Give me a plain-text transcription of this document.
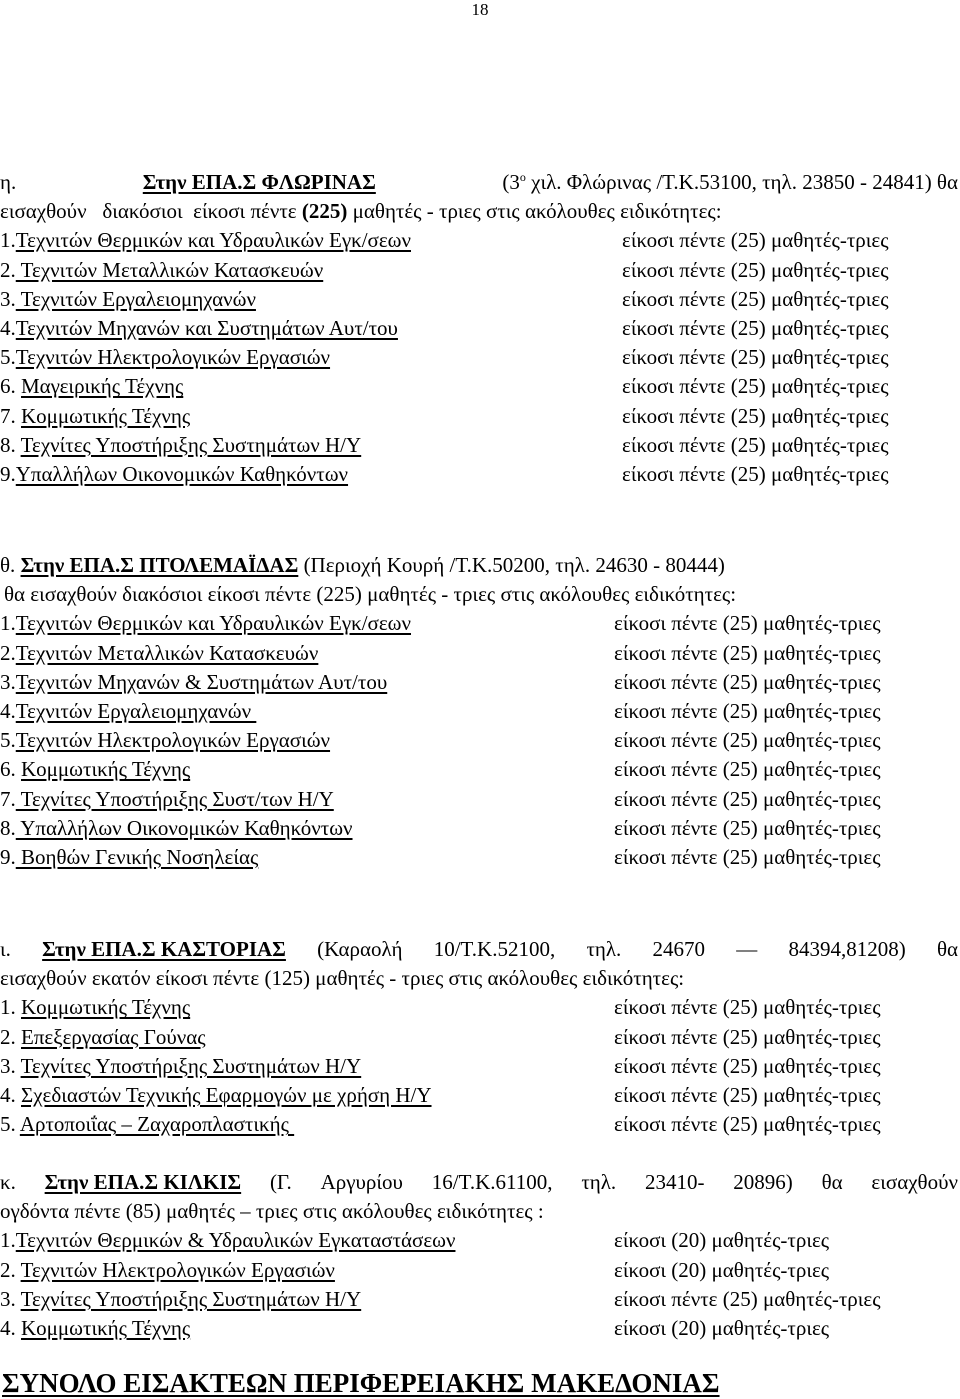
18
η.	Στην ΕΠΑ.Σ ΦΛΩΡΙΝΑΣ	($3^o$ χιλ. Φλώρινας /Τ.Κ.53100, τηλ. 23850 - 24841) θα
εισαχθούν διακόσιοι είκοσι πέντε (225) μαθητές - τριες στις ακόλουθες ειδικότητες:
1.Τεχνιτών Θερμικών και Υδραυλικών Εγκ/σεων	είκοσι πέντε (25) μαθητές-τριες
2. Τεχνιτών Μεταλλικών Κατασκευών	είκοσι πέντε (25) μαθητές-τριες
3. Τεχνιτών Εργαλειομηχανών	είκοσι πέντε (25) μαθητές-τριες
4.Τεχνιτών Μηχανών και Συστημάτων Αυτ/του	είκοσι πέντε (25) μαθητές-τριες
5.Τεχνιτών Ηλεκτρολογικών Εργασιών	είκοσι πέντε (25) μαθητές-τριες
6. Μαγειρικής Τέχνης	είκοσι πέντε (25) μαθητές-τριες
7. Κομμωτικής Τέχνης	είκοσι πέντε (25) μαθητές-τριες
8. Τεχνίτες Υποστήριξης Συστημάτων Η/Υ	είκοσι πέντε (25) μαθητές-τριες
9.Υπαλλήλων Οικονομικών Καθηκόντων	είκοσι πέντε (25) μαθητές-τριες
θ. Στην ΕΠΑ.Σ ΠΤΟΛΕΜΑΪΔΑΣ (Περιοχή Κουρή /Τ.Κ.50200, τηλ. 24630 - 80444)
θα εισαχθούν διακόσιοι είκοσι πέντε (225) μαθητές - τριες στις ακόλουθες ειδικότητες:
1.Τεχνιτών Θερμικών και Υδραυλικών Εγκ/σεων	είκοσι πέντε (25) μαθητές-τριες
2.Τεχνιτών Μεταλλικών Κατασκευών	είκοσι πέντε (25) μαθητές-τριες
3.Τεχνιτών Μηχανών & Συστημάτων Αυτ/του	είκοσι πέντε (25) μαθητές-τριες
4.Τεχνιτών Εργαλειομηχανών	είκοσι πέντε (25) μαθητές-τριες
5.Τεχνιτών Ηλεκτρολογικών Εργασιών	είκοσι πέντε (25) μαθητές-τριες
6. Κομμωτικής Τέχνης	είκοσι πέντε (25) μαθητές-τριες
7. Τεχνίτες Υποστήριξης Συστ/των Η/Υ	είκοσι πέντε (25) μαθητές-τριες
8. Υπαλλήλων Οικονομικών Καθηκόντων	είκοσι πέντε (25) μαθητές-τριες
9. Βοηθών Γενικής Νοσηλείας	είκοσι πέντε (25) μαθητές-τριες
ι. Στην ΕΠΑ.Σ ΚΑΣΤΟΡΙΑΣ (Καραολή 10/Τ.Κ.52100, τηλ. 24670 — 84394,81208) θα
εισαχθούν εκατόν είκοσι πέντε (125) μαθητές - τριες στις ακόλουθες ειδικότητες:
1. Κομμωτικής Τέχνης	είκοσι πέντε (25) μαθητές-τριες
2. Επεξεργασίας Γούνας	είκοσι πέντε (25) μαθητές-τριες
3. Τεχνίτες Υποστήριξης Συστημάτων Η/Υ	είκοσι πέντε (25) μαθητές-τριες
4. Σχεδιαστών Τεχνικής Εφαρμογών με χρήση Η/Υ	είκοσι πέντε (25) μαθητές-τριες
5. Αρτοποιΐας – Ζαχαροπλαστικής	είκοσι πέντε (25) μαθητές-τριες
κ. Στην ΕΠΑ.Σ ΚΙΛΚΙΣ (Γ. Αργυρίου 16/Τ.Κ.61100, τηλ. 23410- 20896) θα εισαχθούν
ογδόντα πέντε (85) μαθητές – τριες στις ακόλουθες ειδικότητες :
1.Τεχνιτών Θερμικών & Υδραυλικών Εγκαταστάσεων	είκοσι (20) μαθητές-τριες
2. Τεχνιτών Ηλεκτρολογικών Εργασιών	είκοσι (20) μαθητές-τριες
3. Τεχνίτες Υποστήριξης Συστημάτων Η/Υ	είκοσι πέντε (25) μαθητές-τριες
4. Κομμωτικής Τέχνης	είκοσι (20) μαθητές-τριες
ΣΥΝΟΛΟ ΕΙΣΑΚΤΕΩΝ ΠΕΡΙΦΕΡΕΙΑΚΗΣ ΜΑΚΕΔΟΝΙΑΣ
